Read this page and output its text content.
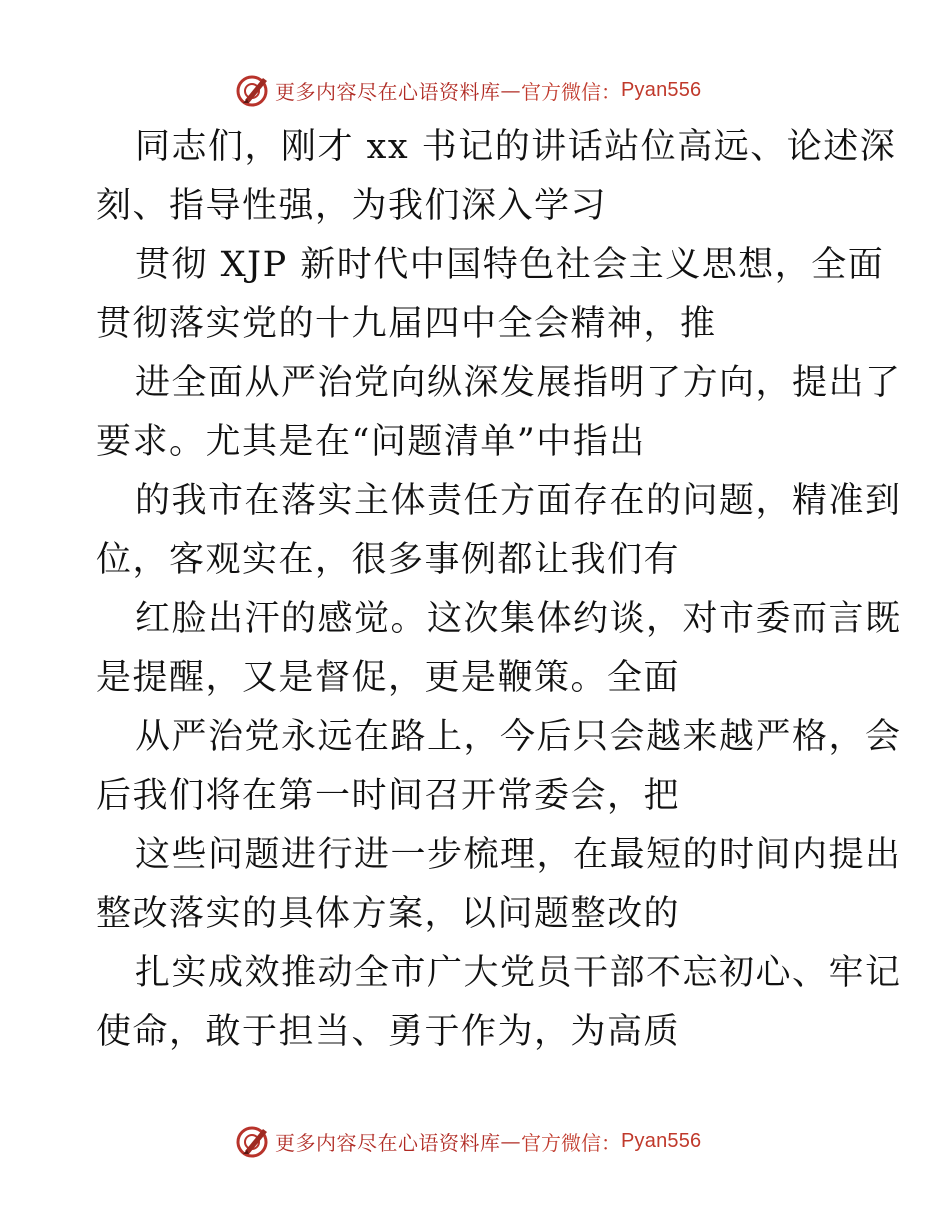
更多内容尽在心语资料库 — 官方微信： Pyan556
同志们，刚才 xx 书记的讲话站位高远、论述深
刻、指导性强，为我们深入学习
贯彻 XJP 新时代中国特色社会主义思想，全面
贯彻落实党的十九届四中全会精神，推
进全面从严治党向纵深发展指明了方向，提出了
要求。尤其是在“问题清单”中指出
的我市在落实主体责任方面存在的问题，精准到
位，客观实在，很多事例都让我们有
红脸出汗的感觉。这次集体约谈，对市委而言既
是提醒，又是督促，更是鞭策。全面
从严治党永远在路上，今后只会越来越严格，会
后我们将在第一时间召开常委会，把
这些问题进行进一步梳理，在最短的时间内提出
整改落实的具体方案，以问题整改的
扎实成效推动全市广大党员干部不忘初心、牢记
使命，敢于担当、勇于作为，为高质
更多内容尽在心语资料库 — 官方微信： Pyan556
